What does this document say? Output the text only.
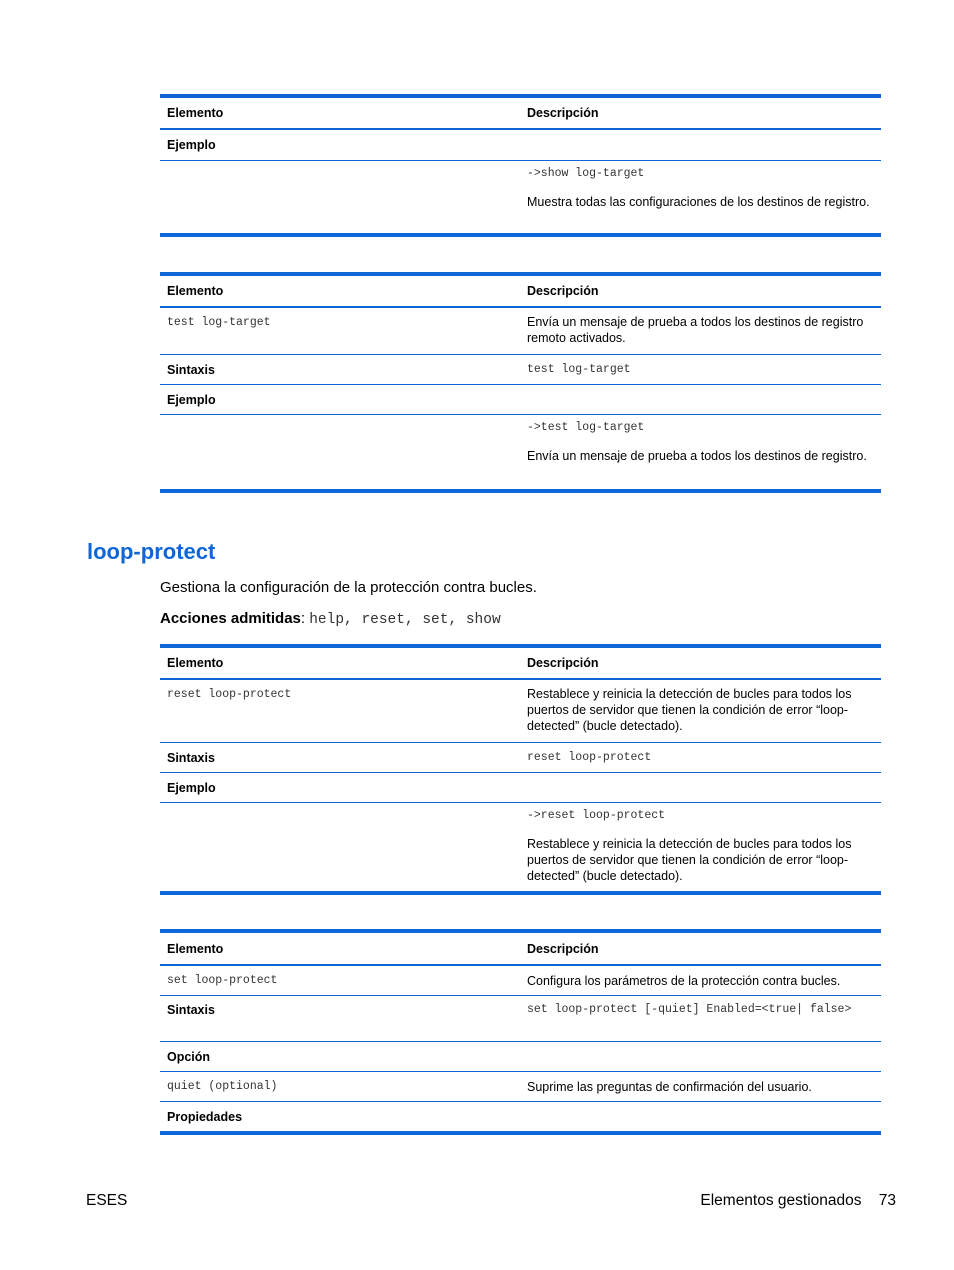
Elemento	Descripción
Ejemplo
->show log-target
Muestra todas las configuraciones de los destinos de registro.
Elemento	Descripción
test log-target	Envía un mensaje de prueba a todos los destinos de registro remoto activados.
Sintaxis	test log-target
Ejemplo
->test log-target
Envía un mensaje de prueba a todos los destinos de registro.
loop-protect
Gestiona la configuración de la protección contra bucles.
Acciones admitidas: help, reset, set, show
Elemento	Descripción
reset loop-protect	Restablece y reinicia la detección de bucles para todos los puertos de servidor que tienen la condición de error “loop-detected” (bucle detectado).
Sintaxis	reset loop-protect
Ejemplo
->reset loop-protect
Restablece y reinicia la detección de bucles para todos los puertos de servidor que tienen la condición de error “loop-detected” (bucle detectado).
Elemento	Descripción
set loop-protect	Configura los parámetros de la protección contra bucles.
Sintaxis	set loop-protect [-quiet] Enabled=<true| false>
Opción
quiet (optional)	Suprime las preguntas de confirmación del usuario.
Propiedades
ESES	Elementos gestionados 73
